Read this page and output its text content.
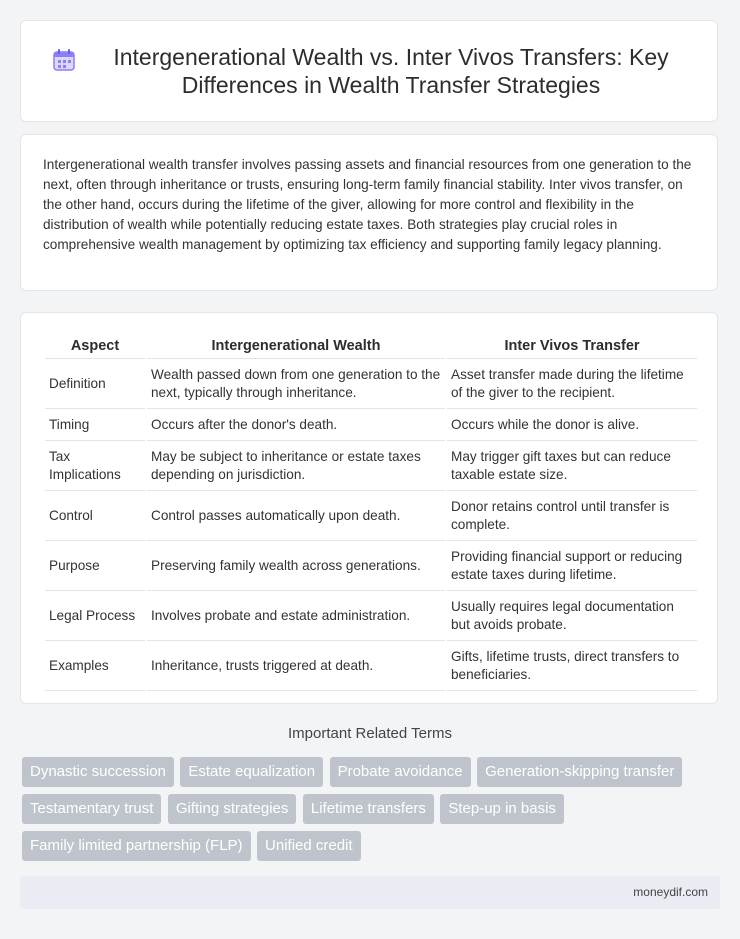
Intergenerational Wealth vs. Inter Vivos Transfers: Key Differences in Wealth Transfer Strategies

Intergenerational wealth transfer involves passing assets and financial resources from one generation to the next, often through inheritance or trusts, ensuring long-term family financial stability. Inter vivos transfer, on the other hand, occurs during the lifetime of the giver, allowing for more control and flexibility in the distribution of wealth while potentially reducing estate taxes. Both strategies play crucial roles in comprehensive wealth management by optimizing tax efficiency and supporting family legacy planning.

Aspect	Intergenerational Wealth	Inter Vivos Transfer
Definition	Wealth passed down from one generation to the next, typically through inheritance.	Asset transfer made during the lifetime of the giver to the recipient.
Timing	Occurs after the donor's death.	Occurs while the donor is alive.
Tax Implications	May be subject to inheritance or estate taxes depending on jurisdiction.	May trigger gift taxes but can reduce taxable estate size.
Control	Control passes automatically upon death.	Donor retains control until transfer is complete.
Purpose	Preserving family wealth across generations.	Providing financial support or reducing estate taxes during lifetime.
Legal Process	Involves probate and estate administration.	Usually requires legal documentation but avoids probate.
Examples	Inheritance, trusts triggered at death.	Gifts, lifetime trusts, direct transfers to beneficiaries.
Important Related Terms
Dynastic succession Estate equalization Probate avoidance Generation-skipping transfer Testamentary trust Gifting strategies Lifetime transfers Step-up in basis Family limited partnership (FLP) Unified credit
moneydif.com
